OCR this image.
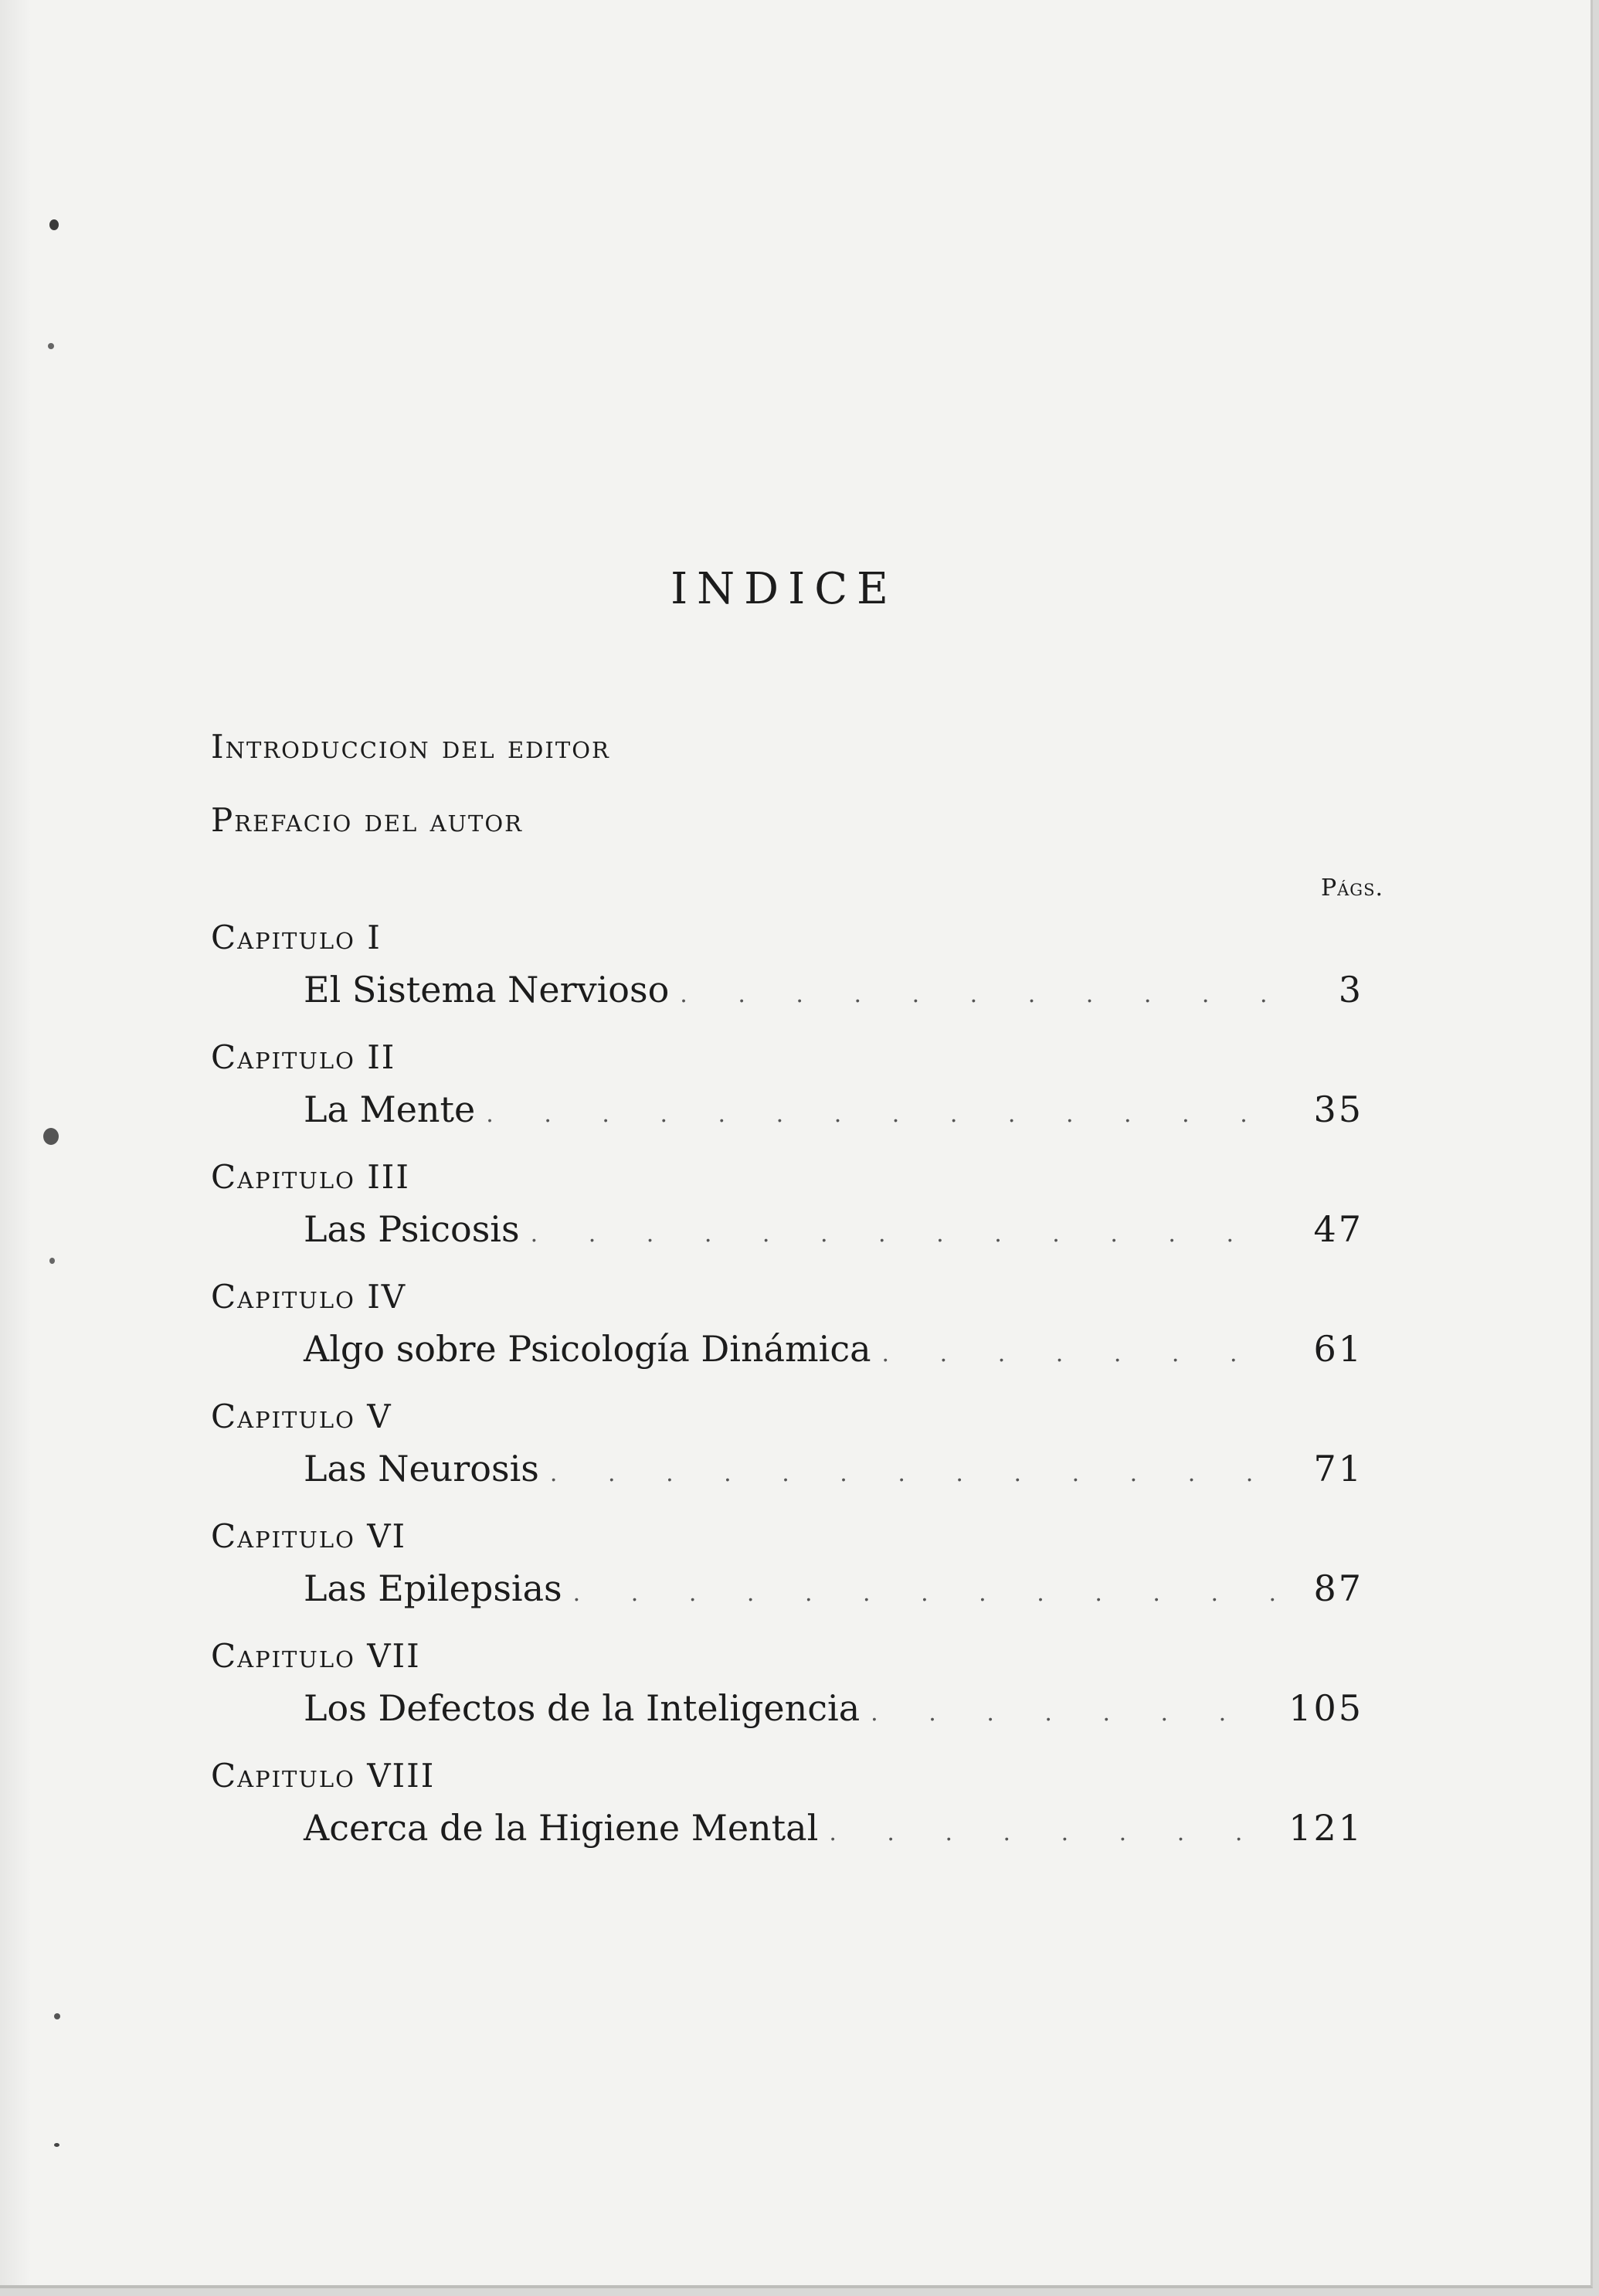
INDICE
Introduccion del editor
Prefacio del autor
Págs.
Capitulo I
El Sistema Nervioso . . .	3
Capitulo II
La Mente . . .	35
Capitulo III
Las Psicosis . . .	47
Capitulo IV
Algo sobre Psicología Dinámica . . .	61
Capitulo V
Las Neurosis . . .	71
Capitulo VI
Las Epilepsias . . .	87
Capitulo VII
Los Defectos de la Inteligencia . . .	105
Capitulo VIII
Acerca de la Higiene Mental . . .	121
